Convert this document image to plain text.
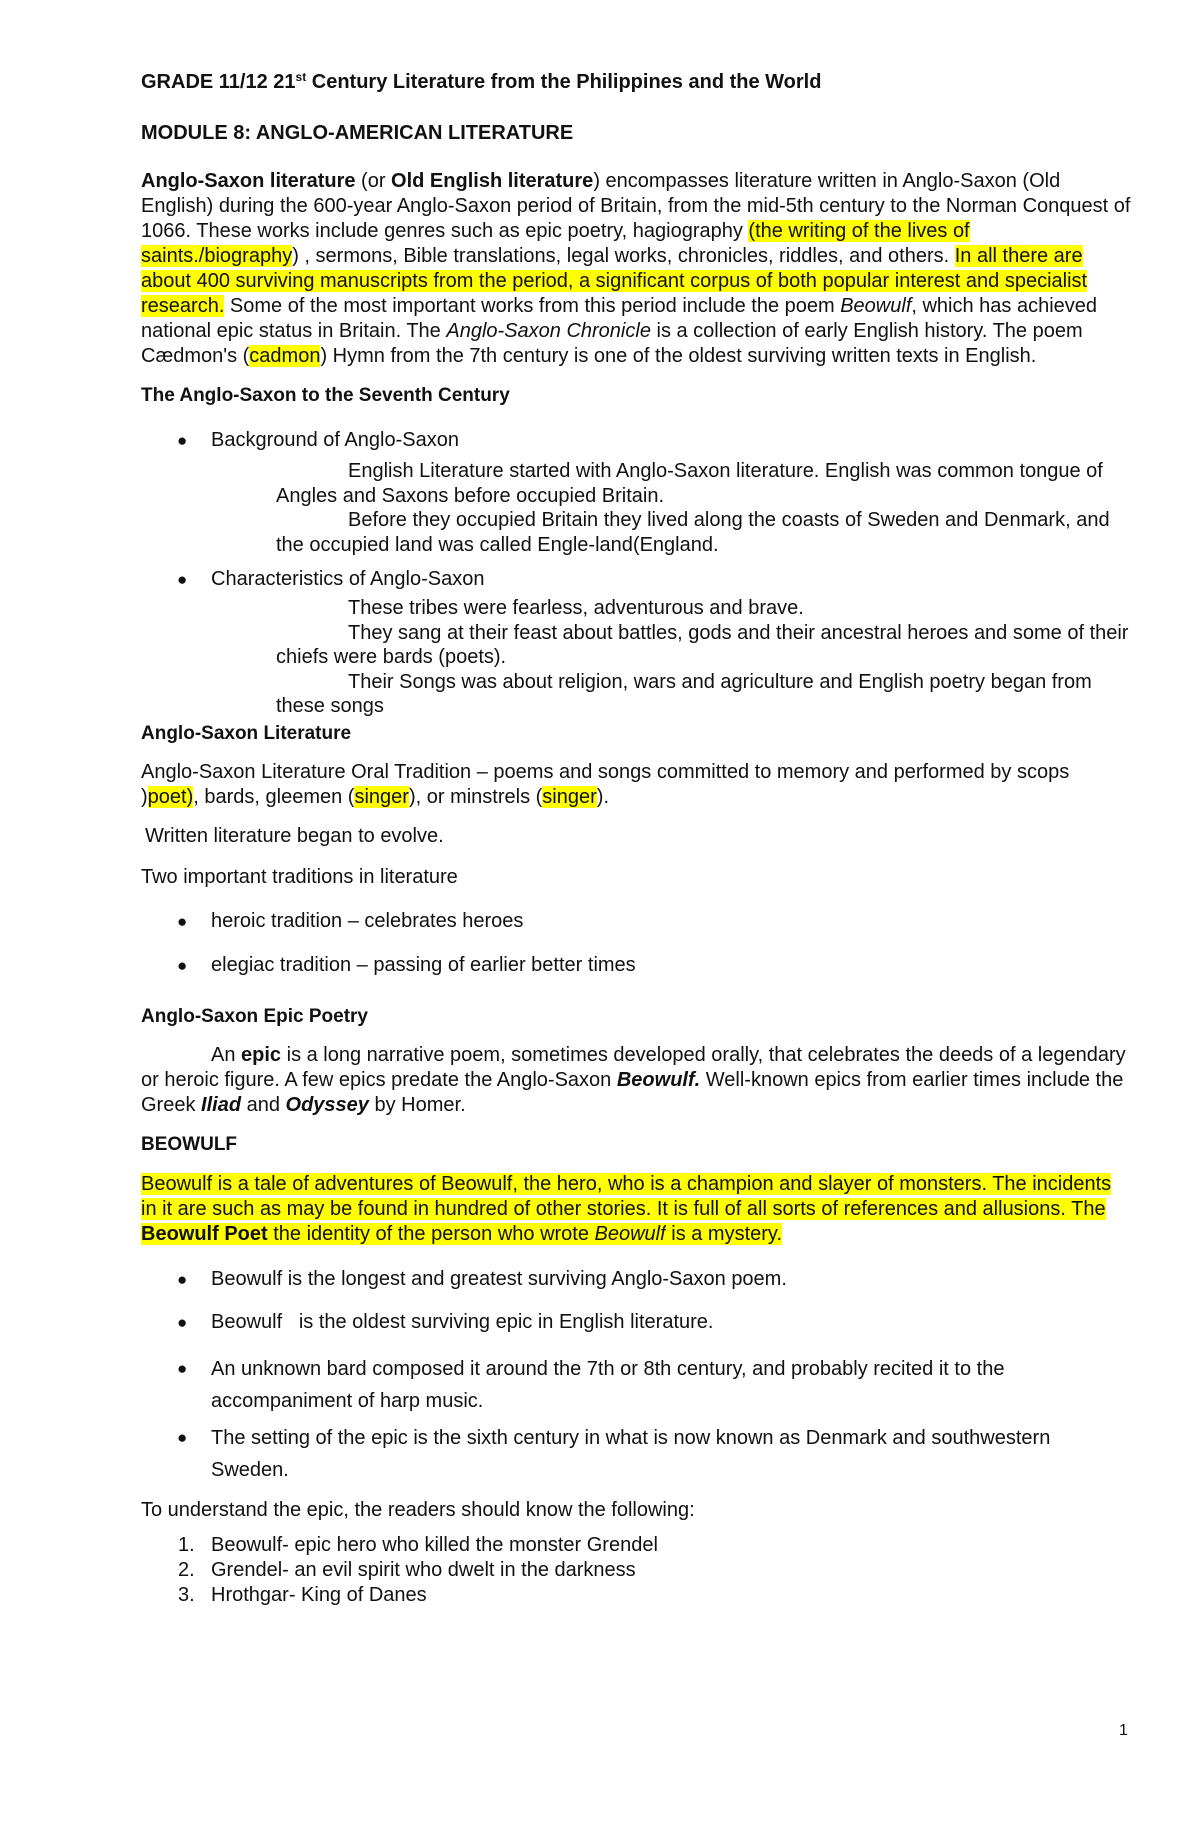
GRADE 11/12 21st Century Literature from the Philippines and the World

MODULE 8: ANGLO-AMERICAN LITERATURE

Anglo-Saxon literature (or Old English literature) encompasses literature written in Anglo-Saxon (Old English) during the 600-year Anglo-Saxon period of Britain, from the mid-5th century to the Norman Conquest of 1066. These works include genres such as epic poetry, hagiography (the writing of the lives of saints./biography) , sermons, Bible translations, legal works, chronicles, riddles, and others. In all there are about 400 surviving manuscripts from the period, a significant corpus of both popular interest and specialist research. Some of the most important works from this period include the poem Beowulf, which has achieved national epic status in Britain. The Anglo-Saxon Chronicle is a collection of early English history. The poem Cædmon's (cadmon) Hymn from the 7th century is one of the oldest surviving written texts in English.

The Anglo-Saxon to the Seventh Century

● Background of Anglo-Saxon

English Literature started with Anglo-Saxon literature. English was common tongue of Angles and Saxons before occupied Britain.
Before they occupied Britain they lived along the coasts of Sweden and Denmark, and the occupied land was called Engle-land(England.

● Characteristics of Anglo-Saxon

These tribes were fearless, adventurous and brave.
They sang at their feast about battles, gods and their ancestral heroes and some of their chiefs were bards (poets).
Their Songs was about religion, wars and agriculture and English poetry began from these songs

Anglo-Saxon Literature

Anglo-Saxon Literature Oral Tradition – poems and songs committed to memory and performed by scops )poet), bards, gleemen (singer), or minstrels (singer).

Written literature began to evolve.

Two important traditions in literature

● heroic tradition – celebrates heroes

● elegiac tradition – passing of earlier better times

Anglo-Saxon Epic Poetry

An epic is a long narrative poem, sometimes developed orally, that celebrates the deeds of a legendary or heroic figure. A few epics predate the Anglo-Saxon Beowulf. Well-known epics from earlier times include the Greek Iliad and Odyssey by Homer.

BEOWULF

Beowulf is a tale of adventures of Beowulf, the hero, who is a champion and slayer of monsters. The incidents in it are such as may be found in hundred of other stories. It is full of all sorts of references and allusions. The Beowulf Poet the identity of the person who wrote Beowulf is a mystery.

● Beowulf is the longest and greatest surviving Anglo-Saxon poem.

● Beowulf   is the oldest surviving epic in English literature.

● An unknown bard composed it around the 7th or 8th century, and probably recited it to the accompaniment of harp music.

● The setting of the epic is the sixth century in what is now known as Denmark and southwestern Sweden.

To understand the epic, the readers should know the following:

1. Beowulf- epic hero who killed the monster Grendel

2. Grendel- an evil spirit who dwelt in the darkness

3. Hrothgar- King of Danes

1
